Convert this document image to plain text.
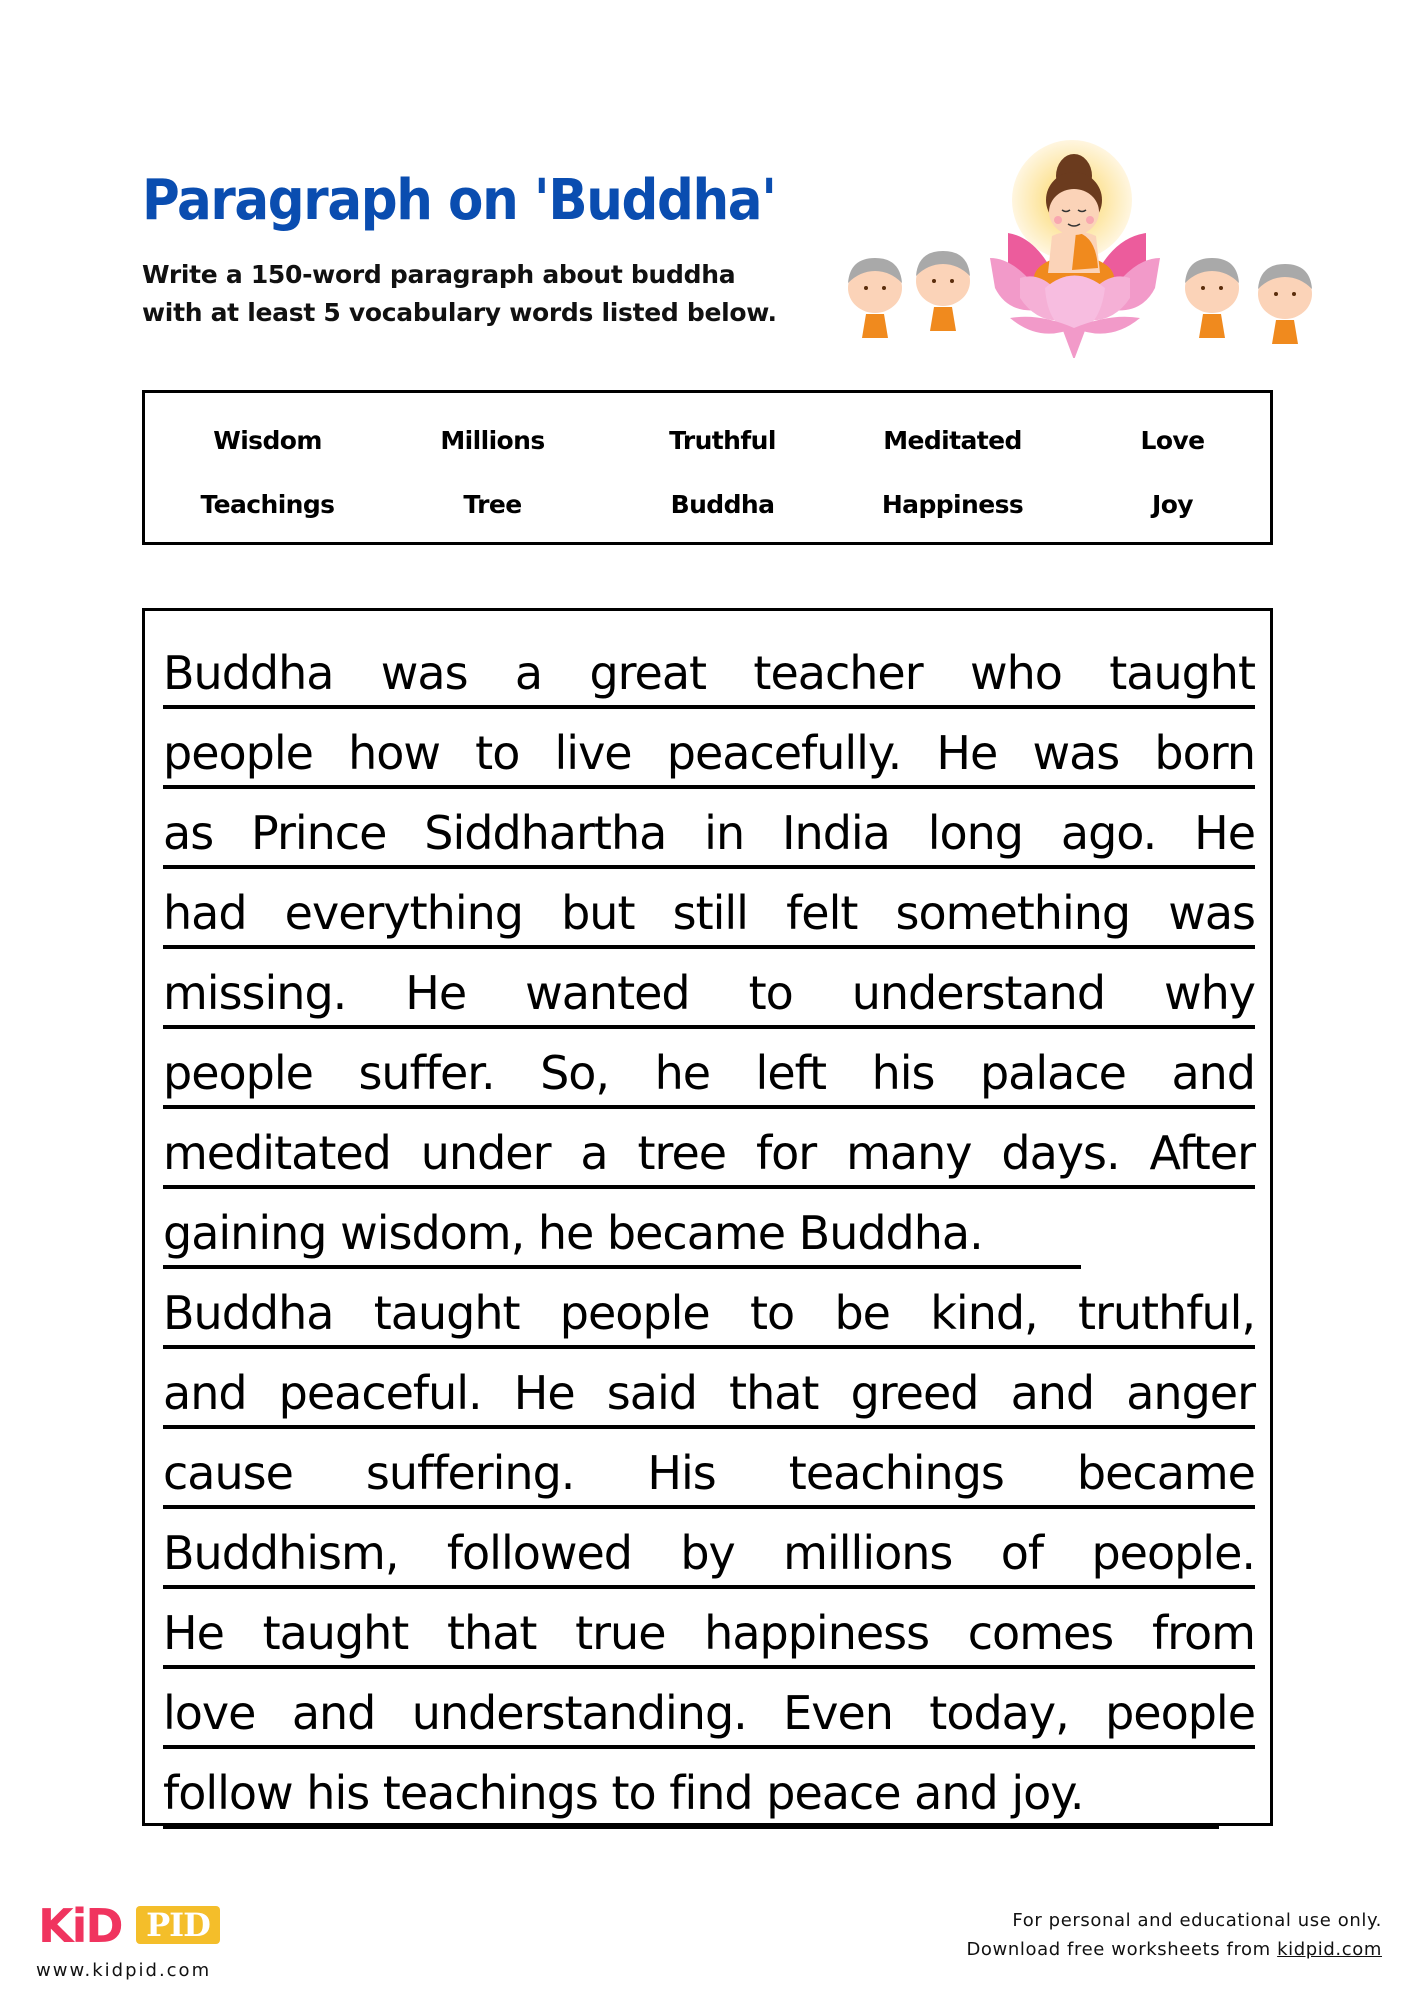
Paragraph on 'Buddha'
Write a 150-word paragraph about buddha
with at least 5 vocabulary words listed below.
Wisdom	Millions	Truthful	Meditated	Love
Teachings	Tree	Buddha	Happiness	Joy
Buddha was a great teacher who taught
people how to live peacefully. He was born
as Prince Siddhartha in India long ago. He
had everything but still felt something was
missing. He wanted to understand why
people suffer. So, he left his palace and
meditated under a tree for many days. After
gaining wisdom, he became Buddha.
Buddha taught people to be kind, truthful,
and peaceful. He said that greed and anger
cause suffering. His teachings became
Buddhism, followed by millions of people.
He taught that true happiness comes from
love and understanding. Even today, people
follow his teachings to find peace and joy.
KiD PID
www.kidpid.com
For personal and educational use only.
Download free worksheets from kidpid.com
